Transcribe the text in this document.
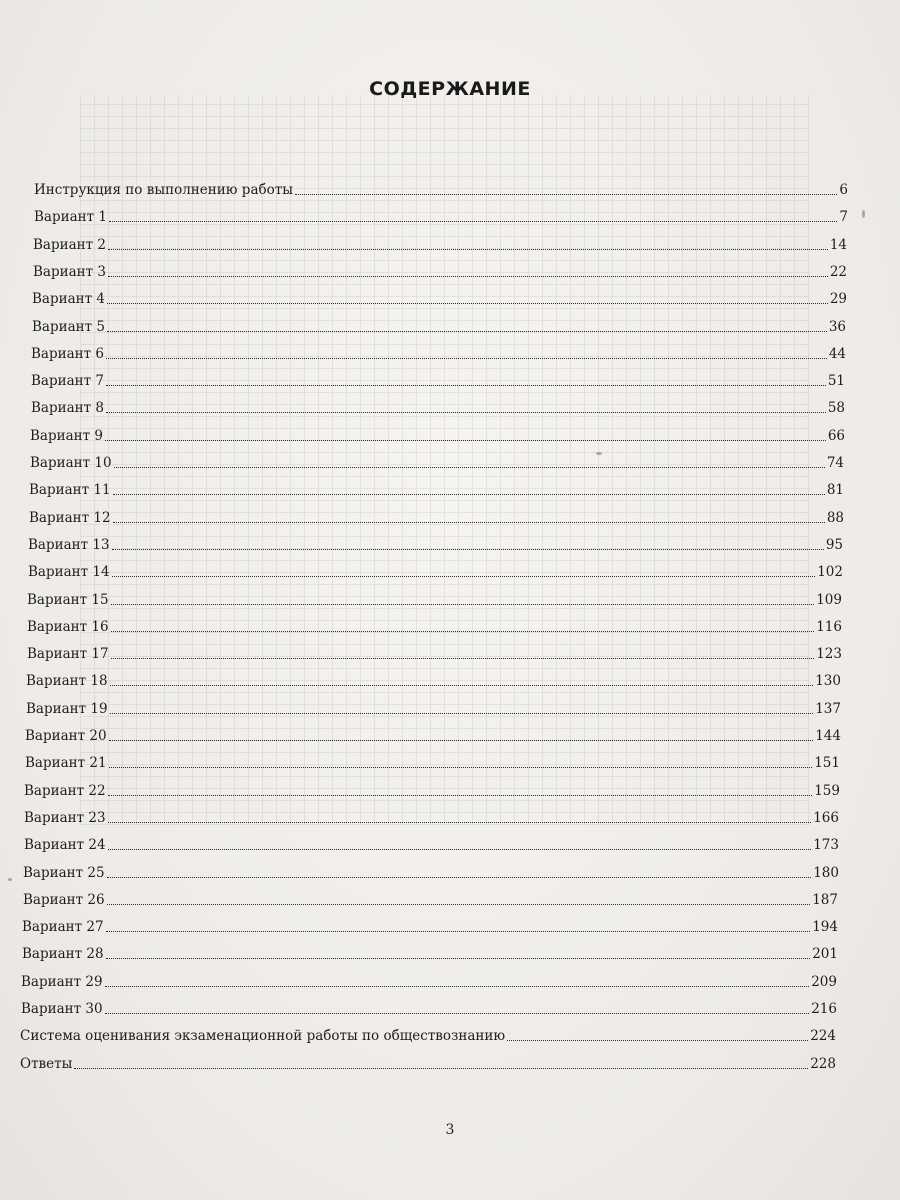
СОДЕРЖАНИЕ
Инструкция по выполнению работы	6
Вариант 1	7
Вариант 2	14
Вариант 3	22
Вариант 4	29
Вариант 5	36
Вариант 6	44
Вариант 7	51
Вариант 8	58
Вариант 9	66
Вариант 10	74
Вариант 11	81
Вариант 12	88
Вариант 13	95
Вариант 14	102
Вариант 15	109
Вариант 16	116
Вариант 17	123
Вариант 18	130
Вариант 19	137
Вариант 20	144
Вариант 21	151
Вариант 22	159
Вариант 23	166
Вариант 24	173
Вариант 25	180
Вариант 26	187
Вариант 27	194
Вариант 28	201
Вариант 29	209
Вариант 30	216
Система оценивания экзаменационной работы по обществознанию	224
Ответы	228
3
